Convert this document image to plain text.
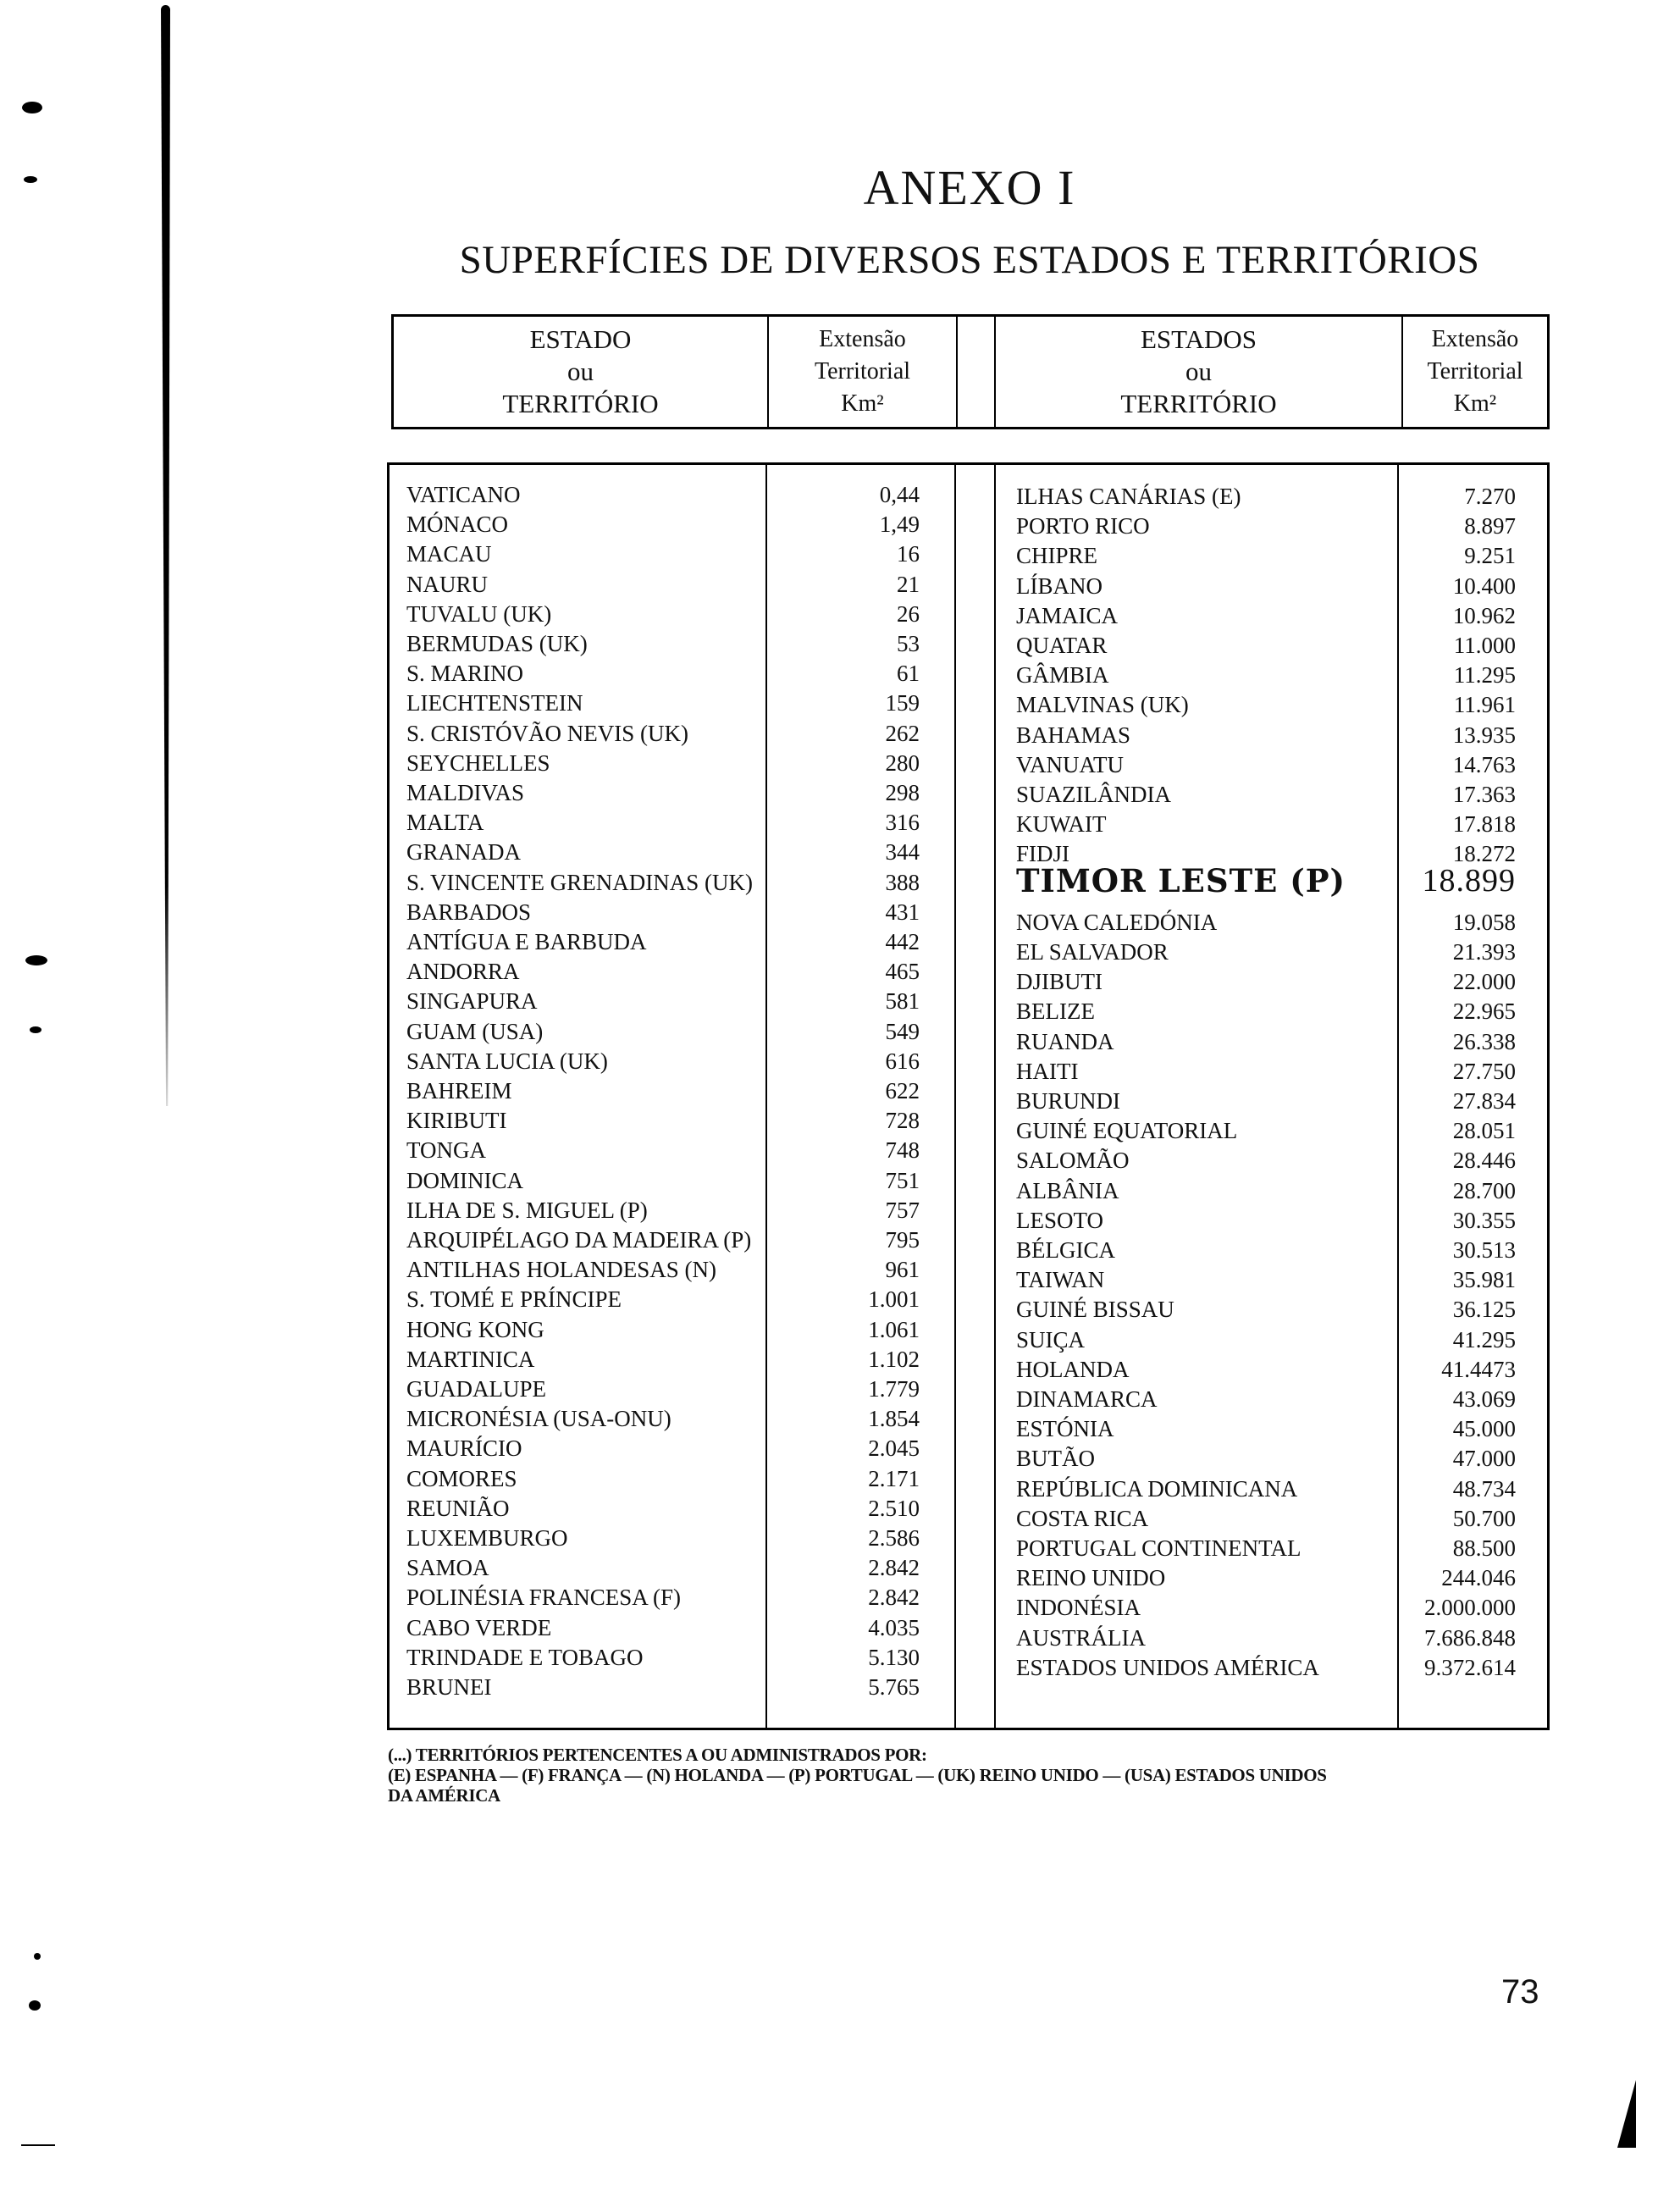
ANEXO I
SUPERFÍCIES DE DIVERSOS ESTADOS E TERRITÓRIOS
ESTADO
ou
TERRITÓRIO
Extensão
Territorial
Km²
ESTADOS
ou
TERRITÓRIO
Extensão
Territorial
Km²
VATICANO	0,44
MÓNACO	1,49
MACAU	16
NAURU	21
TUVALU (UK)	26
BERMUDAS (UK)	53
S. MARINO	61
LIECHTENSTEIN	159
S. CRISTÓVÃO NEVIS (UK)	262
SEYCHELLES	280
MALDIVAS	298
MALTA	316
GRANADA	344
S. VINCENTE GRENADINAS (UK)	388
BARBADOS	431
ANTÍGUA E BARBUDA	442
ANDORRA	465
SINGAPURA	581
GUAM (USA)	549
SANTA LUCIA (UK)	616
BAHREIM	622
KIRIBUTI	728
TONGA	748
DOMINICA	751
ILHA DE S. MIGUEL (P)	757
ARQUIPÉLAGO DA MADEIRA (P)	795
ANTILHAS HOLANDESAS (N)	961
S. TOMÉ E PRÍNCIPE	1.001
HONG KONG	1.061
MARTINICA	1.102
GUADALUPE	1.779
MICRONÉSIA (USA-ONU)	1.854
MAURÍCIO	2.045
COMORES	2.171
REUNIÃO	2.510
LUXEMBURGO	2.586
SAMOA	2.842
POLINÉSIA FRANCESA (F)	2.842
CABO VERDE	4.035
TRINDADE E TOBAGO	5.130
BRUNEI	5.765
ILHAS CANÁRIAS (E)	7.270
PORTO RICO	8.897
CHIPRE	9.251
LÍBANO	10.400
JAMAICA	10.962
QUATAR	11.000
GÂMBIA	11.295
MALVINAS (UK)	11.961
BAHAMAS	13.935
VANUATU	14.763
SUAZILÂNDIA	17.363
KUWAIT	17.818
FIDJI	18.272
TIMOR LESTE (P)	18.899
NOVA CALEDÓNIA	19.058
EL SALVADOR	21.393
DJIBUTI	22.000
BELIZE	22.965
RUANDA	26.338
HAITI	27.750
BURUNDI	27.834
GUINÉ EQUATORIAL	28.051
SALOMÃO	28.446
ALBÂNIA	28.700
LESOTO	30.355
BÉLGICA	30.513
TAIWAN	35.981
GUINÉ BISSAU	36.125
SUIÇA	41.295
HOLANDA	41.4473
DINAMARCA	43.069
ESTÓNIA	45.000
BUTÃO	47.000
REPÚBLICA DOMINICANA	48.734
COSTA RICA	50.700
PORTUGAL CONTINENTAL	88.500
REINO UNIDO	244.046
INDONÉSIA	2.000.000
AUSTRÁLIA	7.686.848
ESTADOS UNIDOS AMÉRICA	9.372.614
(...) TERRITÓRIOS PERTENCENTES A OU ADMINISTRADOS POR:
(E) ESPANHA — (F) FRANÇA — (N) HOLANDA — (P) PORTUGAL — (UK) REINO UNIDO — (USA) ESTADOS UNIDOS
DA AMÉRICA
73
